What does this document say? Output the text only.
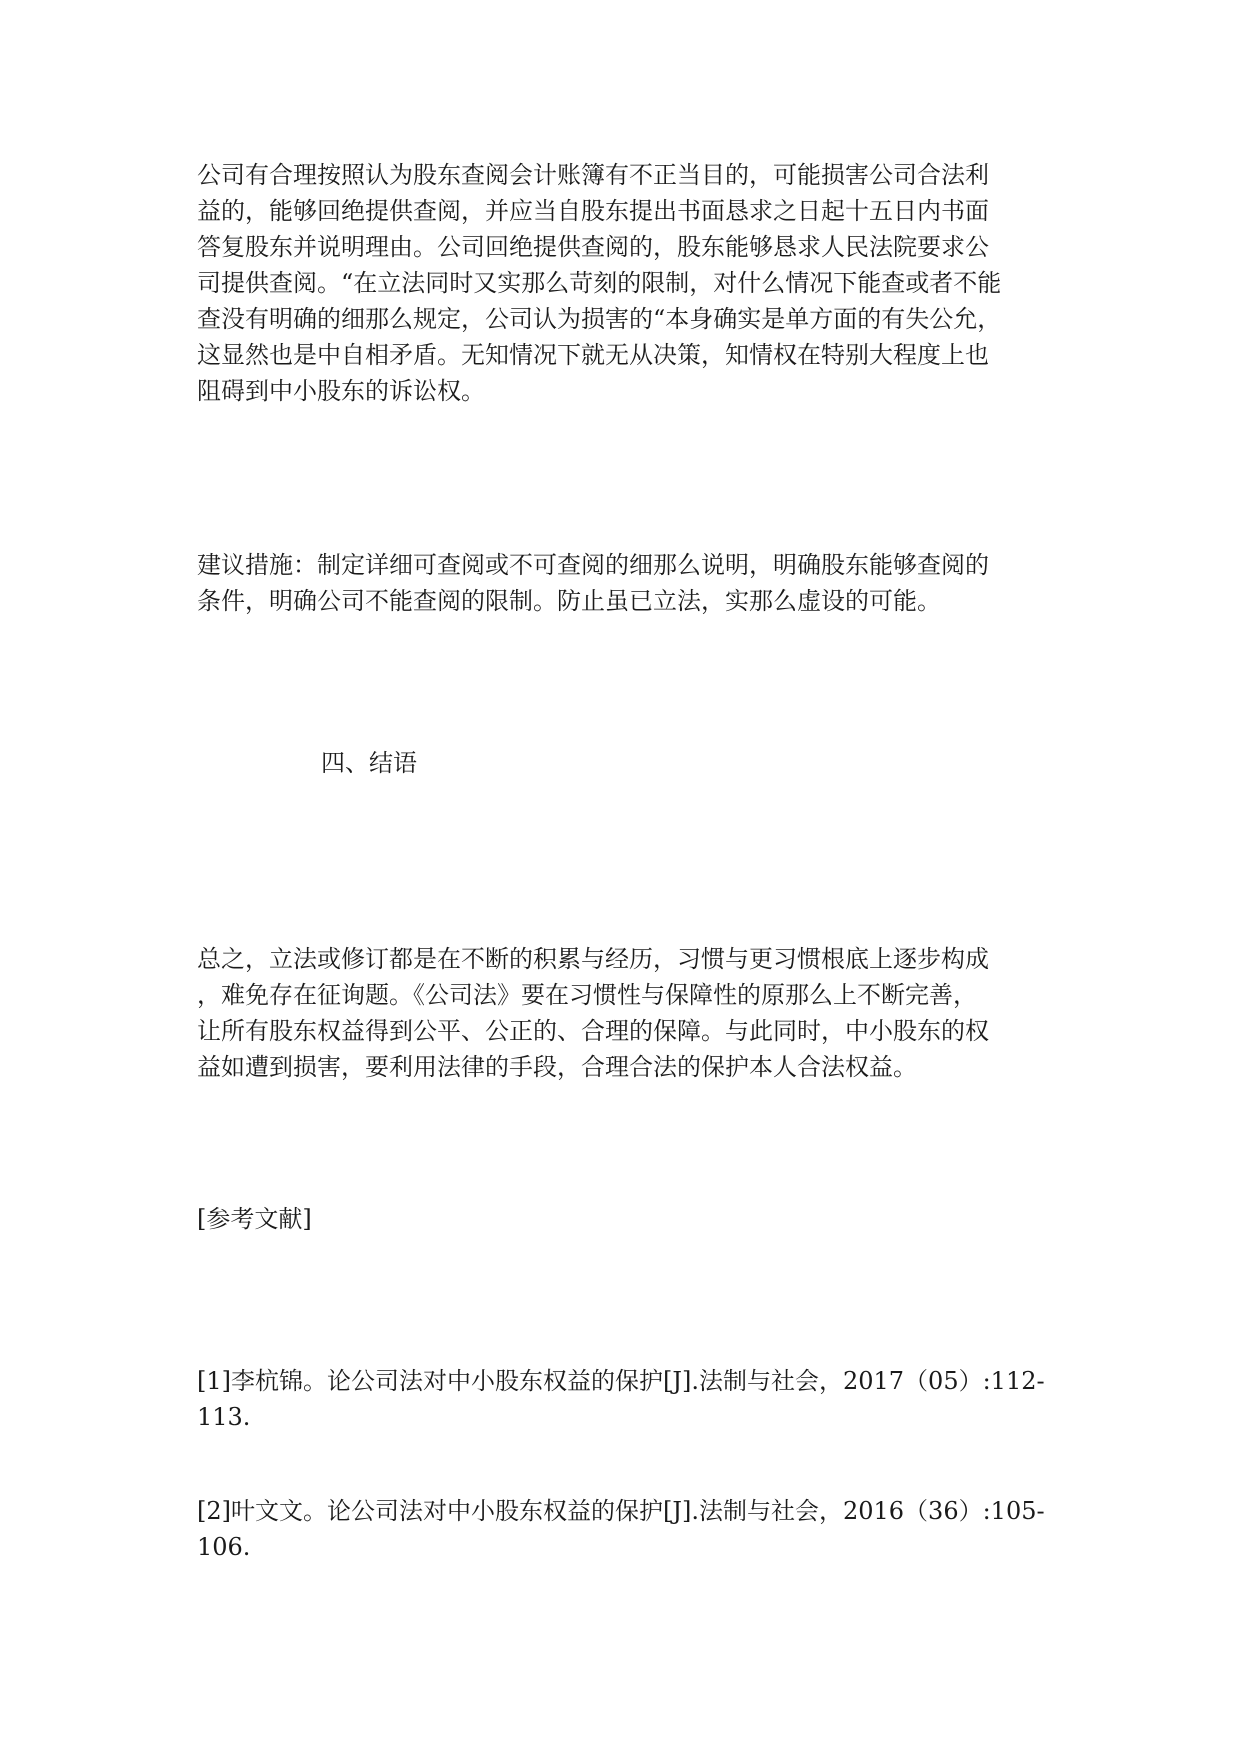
公司有合理按照认为股东查阅会计账簿有不正当目的，可能损害公司合法利
益的，能够回绝提供查阅，并应当自股东提出书面恳求之日起十五日内书面
答复股东并说明理由。公司回绝提供查阅的，股东能够恳求人民法院要求公
司提供查阅。“在立法同时又实那么苛刻的限制，对什么情况下能查或者不能
查没有明确的细那么规定，公司认为损害的“本身确实是单方面的有失公允，
这显然也是中自相矛盾。无知情况下就无从决策，知情权在特别大程度上也
阻碍到中小股东的诉讼权。
建议措施：制定详细可查阅或不可查阅的细那么说明，明确股东能够查阅的
条件，明确公司不能查阅的限制。防止虽已立法，实那么虚设的可能。
四、结语
总之，立法或修订都是在不断的积累与经历，习惯与更习惯根底上逐步构成
，难免存在征询题。《公司法》要在习惯性与保障性的原那么上不断完善，
让所有股东权益得到公平、公正的、合理的保障。与此同时，中小股东的权
益如遭到损害，要利用法律的手段，合理合法的保护本人合法权益。
[参考文献]
[1]李杭锦。论公司法对中小股东权益的保护[J].法制与社会，2017（05）:112-
113.
[2]叶文文。论公司法对中小股东权益的保护[J].法制与社会，2016（36）:105-
106.
